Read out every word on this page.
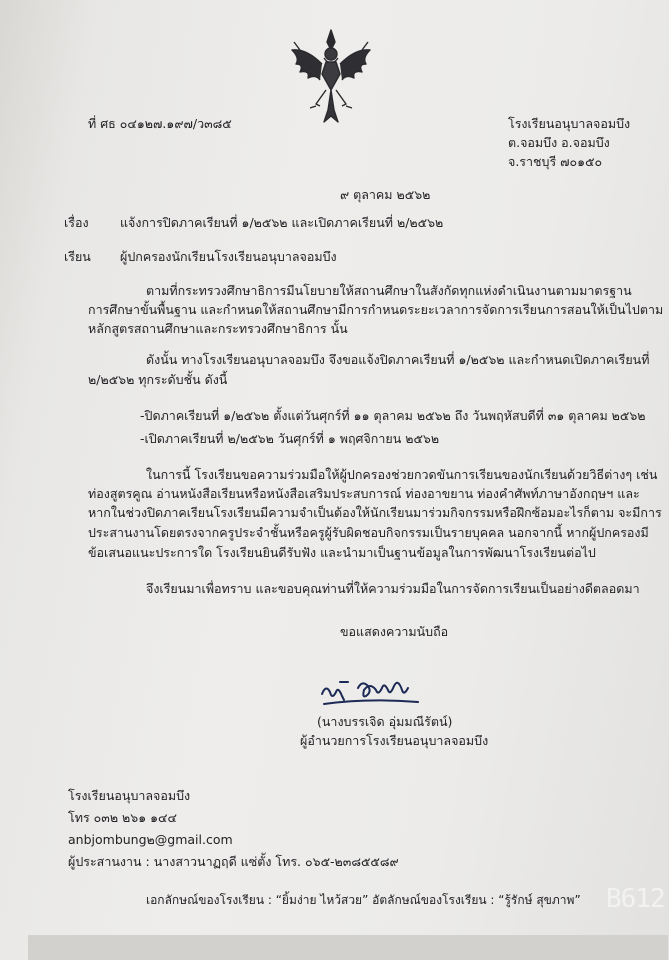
ที่ ศธ ๐๔๑๒๗.๑๙๗/ว๓๘๕	โรงเรียนอนุบาลจอมบึง
ต.จอมบึง อ.จอมบึง
จ.ราชบุรี ๗๐๑๕๐
๙ ตุลาคม ๒๕๖๒
เรื่อง	แจ้งการปิดภาคเรียนที่ ๑/๒๕๖๒ และเปิดภาคเรียนที่ ๒/๒๕๖๒
เรียน ผู้ปกครองนักเรียนโรงเรียนอนุบาลจอมบึง
ตามที่กระทรวงศึกษาธิการมีนโยบายให้สถานศึกษาในสังกัดทุกแห่งดำเนินงานตามมาตรฐาน
การศึกษาขั้นพื้นฐาน และกำหนดให้สถานศึกษามีการกำหนดระยะเวลาการจัดการเรียนการสอนให้เป็นไปตาม
หลักสูตรสถานศึกษาและกระทรวงศึกษาธิการ นั้น
ดังนั้น ทางโรงเรียนอนุบาลจอมบึง จึงขอแจ้งปิดภาคเรียนที่ ๑/๒๕๖๒ และกำหนดเปิดภาคเรียนที่
๒/๒๕๖๒ ทุกระดับชั้น ดังนี้
-ปิดภาคเรียนที่ ๑/๒๕๖๒ ตั้งแต่วันศุกร์ที่ ๑๑ ตุลาคม ๒๕๖๒ ถึง วันพฤหัสบดีที่ ๓๑ ตุลาคม ๒๕๖๒
-เปิดภาคเรียนที่ ๒/๒๕๖๒ วันศุกร์ที่ ๑ พฤศจิกายน ๒๕๖๒
ในการนี้ โรงเรียนขอความร่วมมือให้ผู้ปกครองช่วยกวดขันการเรียนของนักเรียนด้วยวิธีต่างๆ เช่น
ท่องสูตรคูณ อ่านหนังสือเรียนหรือหนังสือเสริมประสบการณ์ ท่องอาขยาน ท่องคำศัพท์ภาษาอังกฤษฯ และ
หากในช่วงปิดภาคเรียนโรงเรียนมีความจำเป็นต้องให้นักเรียนมาร่วมกิจกรรมหรือฝึกซ้อมอะไรก็ตาม จะมีการ
ประสานงานโดยตรงจากครูประจำชั้นหรือครูผู้รับผิดชอบกิจกรรมเป็นรายบุคคล นอกจากนี้ หากผู้ปกครองมี
ข้อเสนอแนะประการใด โรงเรียนยินดีรับฟัง และนำมาเป็นฐานข้อมูลในการพัฒนาโรงเรียนต่อไป
จึงเรียนมาเพื่อทราบ และขอบคุณท่านที่ให้ความร่วมมือในการจัดการเรียนเป็นอย่างดีตลอดมา
ขอแสดงความนับถือ
(นางบรรเจิด อุ่มมณีรัตน์)
ผู้อำนวยการโรงเรียนอนุบาลจอมบึง
โรงเรียนอนุบาลจอมบึง
โทร ๐๓๒ ๒๖๑ ๑๔๔
anbjombung๒@gmail.com
ผู้ประสานงาน : นางสาวนาฏฤดี แซ่ตั้ง โทร. ๐๖๕-๒๓๘๕๕๘๙
เอกลักษณ์ของโรงเรียน : “ยิ้มง่าย ไหว้สวย” อัตลักษณ์ของโรงเรียน : “รู้รักษ์ สุขภาพ” B612
